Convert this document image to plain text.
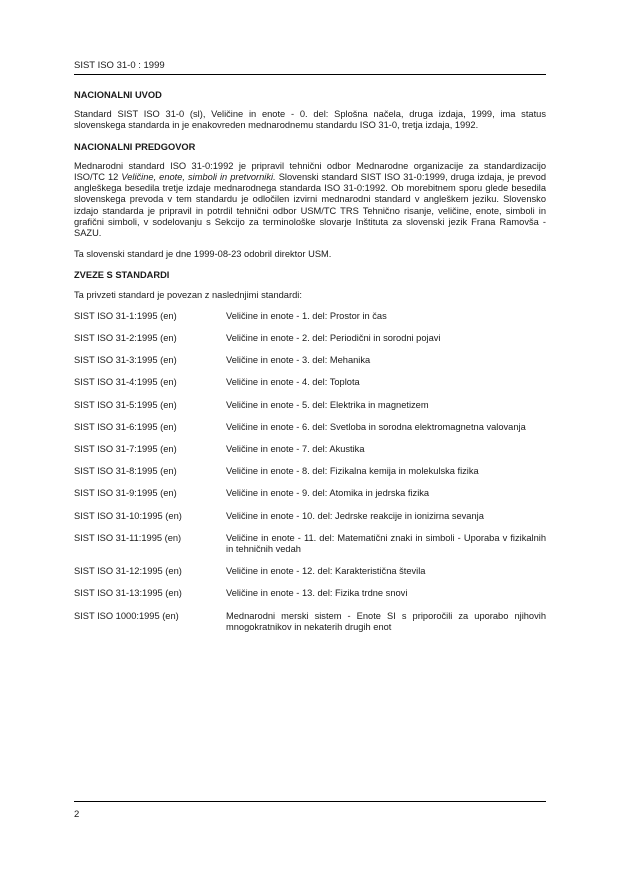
SIST ISO 31-0 : 1999
NACIONALNI UVOD

Standard SIST ISO 31-0 (sl), Veličine in enote - 0. del: Splošna načela, druga izdaja, 1999, ima status slovenskega standarda in je enakovreden mednarodnemu standardu ISO 31-0, tretja izdaja, 1992.

NACIONALNI PREDGOVOR

Mednarodni standard ISO 31-0:1992 je pripravil tehnični odbor Mednarodne organizacije za standardizacijo ISO/TC 12 Veličine, enote, simboli in pretvorniki. Slovenski standard SIST ISO 31-0:1999, druga izdaja, je prevod angleškega besedila tretje izdaje mednarodnega standarda ISO 31-0:1992. Ob morebitnem sporu glede besedila slovenskega prevoda v tem standardu je odločilen izvirni mednarodni standard v angleškem jeziku. Slovensko izdajo standarda je pripravil in potrdil tehnični odbor USM/TC TRS Tehnično risanje, veličine, enote, simboli in grafični simboli, v sodelovanju s Sekcijo za terminološke slovarje Inštituta za slovenski jezik Frana Ramovša - SAZU.

Ta slovenski standard je dne 1999-08-23 odobril direktor USM.

ZVEZE S STANDARDI

Ta privzeti standard je povezan z naslednjimi standardi:

SIST ISO 31-1:1995 (en)	Veličine in enote - 1. del: Prostor in čas
SIST ISO 31-2:1995 (en)	Veličine in enote - 2. del: Periodični in sorodni pojavi
SIST ISO 31-3:1995 (en)	Veličine in enote - 3. del: Mehanika
SIST ISO 31-4:1995 (en)	Veličine in enote - 4. del: Toplota
SIST ISO 31-5:1995 (en)	Veličine in enote - 5. del: Elektrika in magnetizem
SIST ISO 31-6:1995 (en)	Veličine in enote - 6. del: Svetloba in sorodna elektromagnetna valovanja
SIST ISO 31-7:1995 (en)	Veličine in enote - 7. del: Akustika
SIST ISO 31-8:1995 (en)	Veličine in enote - 8. del: Fizikalna kemija in molekulska fizika
SIST ISO 31-9:1995 (en)	Veličine in enote - 9. del: Atomika in jedrska fizika
SIST ISO 31-10:1995 (en)	Veličine in enote - 10. del: Jedrske reakcije in ionizirna sevanja
SIST ISO 31-11:1995 (en)	Veličine in enote - 11. del: Matematični znaki in simboli - Uporaba v fizikalnih in tehničnih vedah
SIST ISO 31-12:1995 (en)	Veličine in enote - 12. del: Karakteristična števila
SIST ISO 31-13:1995 (en)	Veličine in enote - 13. del: Fizika trdne snovi
SIST ISO 1000:1995 (en)	Mednarodni merski sistem - Enote SI s priporočili za uporabo njihovih mnogokratnikov in nekaterih drugih enot
2
